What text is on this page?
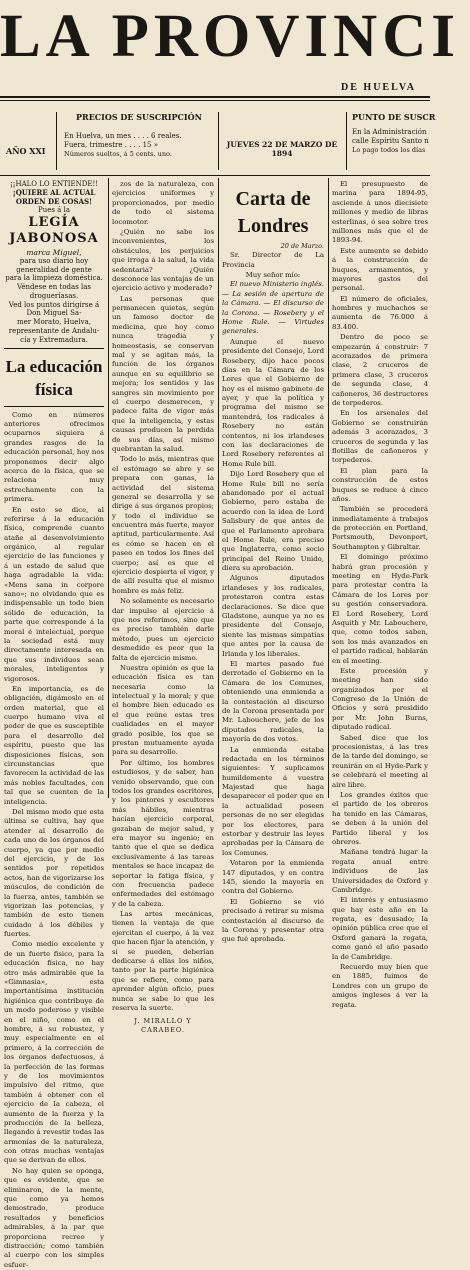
LA PROVINCI
DE HUELVA
AÑO XXI
PRECIOS DE SUSCRIPCIÓN
En Huelva, un mes . . . . 6 reales.
Fuera, trimestre . . . . 15 »
Números sueltos, á 5 cents. uno.
JUEVES 22 DE MARZO DE 1894
PUNTO DE SUSCR
En la Administración
calle Espíritu Santo n
Lo pago todos los días
¡¡HALO LO ENTIENDE!!
¡QUIERE AL ACTUAL ORDEN DE COSAS!
Pues á la
LEGÍA JABONOSA
marca Miguel,
para uso diario hoy generalidad de gente
para la limpieza doméstica.
Véndese en todas las drogueríasas.
Ved los puntos dirigirse á Don Miguel Sa-
mer Morato, Huelva, representante de Andalu-
cía y Extremadura.
La educación física

Como en números anteriores ofrecimos ocuparnos siquiera á grandes rasgos de la educación personal, hoy nos proponemos decir algo acerca de la física, que se relaciona muy estrechamente con la primera.

En esto se dice, al referirse á la educación física, comprende cuanto atañe al desenvolvimiento orgánico, al regular ejercicio de las funciones y á un estado de salud que haga agradable la vida: «Mens sana in corpore sano»; no olvidando que es indispensable un todo bien sólido de educación, la parte que corresponde á la moral é intelectual, porque la sociedad está muy directamente interesada en que sus individuos sean morales, inteligentes y vigorosos.

En importancia, es de obligación, digámoslo en el orden material, que el cuerpo humano viva el poder de que es susceptible para el desarrollo del espíritu, puesto que las disposiciones físicas, son circunstancias que favorecen la actividad de las más nobles facultades, con tal que se cuenten de la inteligencia.

Del mismo modo que esta última se cultiva, hay que atender al desarrollo de cada uno de los órganos del cuerpo, ya que por medio del ejercicio, y de los sentidos por repetidos actos, han de vigorizarse los músculos, de condición de la fuerza, antes, también se vigorizan las potencias, y también de esto tienen cuidado á los débiles y fuertes.

Como medio excelente y de un fuerte fisico, para la educación física, no hay otro más admirable que la «Gimnasia», esta importantísima institución higiénica que contribuye de un modo poderoso y visible en el niño, como en el hombre, á su robustez, y muy especialmente en el primero, á la corrección de los órganos defectuosos, á la perfección de las formas y de los movimientos impulsivo del ritmo, que también á obtener con el ejercicio de la cabeza, el aumento de la fuerza y la producción de la belleza, llegando á revestir todas las armonías de la naturaleza, con otras muchas ventajas que se derivan de ellos.

No hay quien se oponga, que es evidente, que se eliminaron, de la mente, que como ya hemos demostrado, produce resultados y beneficios admirables, á la par que proporciona recreo y distracción; como también al cuerpo con los simples esfuer-

zos de la naturaleza, con ejercicios uniformes y proporcionados, por medio de todo el sistema locomotor.

¿Quién no sabe los inconvenientes, los obstáculos, los perjuicios que irroga á la salud, la vida sedentaria? ¿Quién desconoce las ventajas de un ejercicio activo y moderado?

Las personas que permanecen quietas, según un famoso doctor de medicina, que hoy como nunca tragedia y homeostasis, se conservan mal y se agitan más, la función de los órganos aunque en su equilibrio se mejora; los sentidos y las sangres sin movimiento por el cuerpo desmerecen, y padece falta de vigor más que la inteligencia, y estas causas producen la perdida de sus días, así mismo quebrantan la salud.

Todo lo más, mientras que el estómago se abre y se prepara con ganas, la actividad del sistema general se desarrolla y se dirige á sus órganos propios; y todo el individuo se encuentra más fuerte, mayor aptitud, particularmente. Así es cómo se hacen en el paseo en todos los fines del cuerpo; así es que el ejercicio despierta el vigor, y de allí resulta que el mismo hombre es más feliz.

No solamente es necesario dar impulso al ejercicio á que nos referimos, sino que es preciso también darle método, pues un ejercicio desmedido es peor que la falta de ejercicio mismo.

Nuestra opinión es que la educación física es tan necesaria como la intelectual y la moral; y que el hombre bien educado es el que reúne estas tres cualidades en el mayor grado posible, los que se prestan mutuamente ayuda para su desarrollo.

Por último, los hombres estudiosos, y de saber, han venido observando, que con todos los grandes escritores, y los pintores y escultores más hábiles, mientras hacían ejercicio corporal, gozaban de mejor salud, y era mayor su ingenio; en tanto que el que se dedica exclusivamente á las tareas mentales se hace incapaz de soportar la fatiga física, y con frecuencia padece enfermedades del estómago y de la cabeza.

Las artes mecánicas, tienen la ventaja de que ejercitan el cuerpo, á la vez que hacen fijar la atención, y si se pueden, deberían dedicarse á ellas los niños, tanto por la parte higiénica que se refiere, como para aprender algún oficio, pues nunca se sabe lo que les reserva la suerte.

J. MIRALLO Y CARABEO.
Carta de Londres
20 de Marzo.

Sr. Director de La Provincia

Muy señor mío:

El nuevo Ministerio inglés. — La sesión de apertura de la Cámara. — El discurso de la Corona. — Rosebery y el Home Rule. — Virtudes generales.

Aunque el nuevo presidente del Consejo, Lord Rosebery, dijo hace pocos días en la Cámara de los Lores que el Gobierno de hoy es el mismo gabinete de ayer, y que la política y programa del mismo se mantendrá, los radicales á Rosebery no están contentos, ni los irlandeses con las declaraciones de Lord Rosebery referentes al Home Rule bill.

Dijo Lord Rosebery que el Home Rule bill no sería abandonado por el actual Gobierno, pero estaba de acuerdo con la idea de Lord Salisbury de que antes de que el Parlamento aprobara el Home Rule, era preciso que Inglaterra, como socio principal del Reino Unido, diera su aprobación.

Algunos diputados irlandeses y los radicales, protestaron contra estas declaraciones. Se dice que Gladstone, aunque ya no es presidente del Consejo, siente las mismas simpatías que antes por la causa de Irlanda y los liberales.

El martes pasado fué derrotado el Gobierno en la Cámara de los Comunes, obteniendo una enmienda a la contestación al discurso de la Corona presentada por Mr. Labouchere, jefe de los diputados radicales, la mayoría de dos votos.

La enmienda estaba redactada en los términos siguientes: Y suplicamos humildemente á vuestra Majestad que haga desaparecer el poder que en la actualidad poseen personas de no ser elegidas por los electores, para estorbar y destruir las leyes aprobadas por la Cámara de los Comunes.

Votaron por la enmienda 147 diputados, y en contra 145, siendo la mayoría en contra del Gobierno.

El Gobierno se vió precisado á retirar su misma contestación al discurso de la Corona y presentar otra que fué aprobada.

El presupuesto de marina para 1894-95, asciende á unos diecisiete millones y medio de libras esterlinas, ó sea sobre tres millones más que el de 1893-94.

Este aumento se debido á la construcción de buques, armamentos, y mayores gastos del personal.

El número de oficiales, hombres y muchachos se aumenta de 76.000 á 83.400.

Dentro de poco se empezarán á construir: 7 acorazados de primera clase, 2 cruceros de primera clase, 3 cruceros de segunda clase, 4 cañoneros, 36 destructores de torpederos.

En los arsenales del Gobierno se construirán además 3 acorazados, 3 cruceros de segunda y las flotillas de cañoneros y torpederos.

El plan para la construcción de estos buques se reduce á cinco años.

También se procederá inmediatamente á trabajos de protección en Portland, Portsmouth, Devonport, Southampton y Gibraltar.

El domingo próximo habrá gran procesión y meeting en Hyde-Park para protestar contra la Cámara de los Lores por su gestión conservadora. El Lord Rosebery, Lord Asquith y Mr. Labouchere, que, como todos saben, son los más avanzados en el partido radical, hablarán en el meeting.

Este procesión y meeting han sido organizados por el Congreso de la Unión de Oficios y será presidido por Mr. John Burns, diputado radical.

Sabed dice que los procesionistas, á las tres de la tarde del domingo, se reunirán en el Hyde-Park y se celebrará el meeting al aire libre.

Los grandes éxitos que el partido de los obreros ha tenido en las Cámaras, se deben á la unión del Partido liberal y los obreros.

Mañana tendrá lugar la regata anual entre individuos de las Universidades de Oxford y Cambridge.

El interés y entusiasmo que hay este año en la regata, es desusado; la opinión pública cree que el Oxford ganará la regata, como ganó el año pasado la de Cambridge.

Recuerdo muy bien que en 1885, fuimos de Londres con un grupo de amigos ingleses á ver la regata.
